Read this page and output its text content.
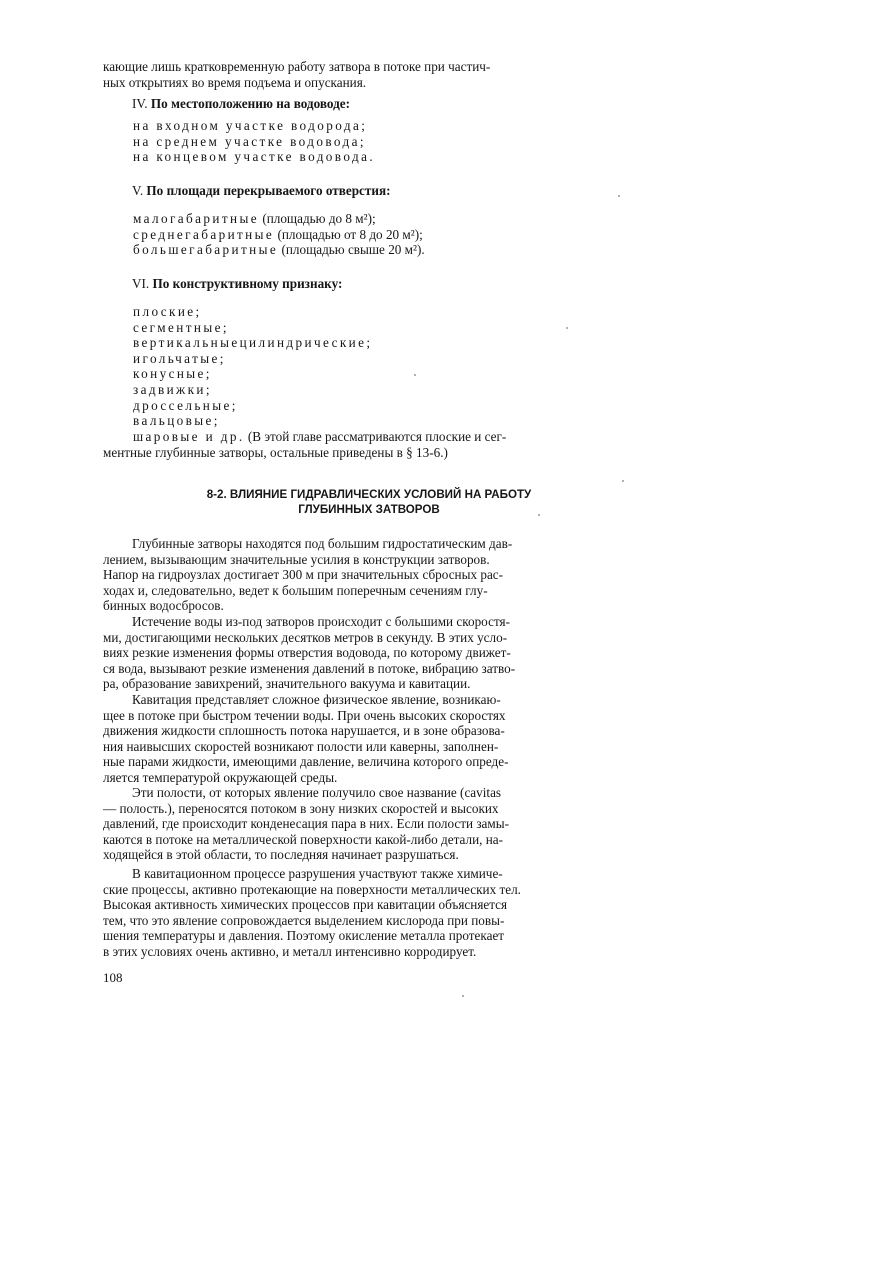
кающие лишь кратковременную работу затвора в потоке при частич-
ных открытиях во время подъема и опускания.
IV. По местоположению на водоводе:
на входном участке водорода;
на среднем участке водовода;
на концевом участке водовода.
V. По площади перекрываемого отверстия:
малогабаритные (площадью до 8 м²);
среднегабаритные (площадью от 8 до 20 м²);
большегабаритные (площадью свыше 20 м²).
VI. По конструктивному признаку:
плоские;
сегментные;
вертикальныецилиндрические;
игольчатые;
конусные;
задвижки;
дроссельные;
вальцовые;
шаровые и др. (В этой главе рассматриваются плоские и сег-
ментные глубинные затворы, остальные приведены в § 13-6.)
8-2. ВЛИЯНИЕ ГИДРАВЛИЧЕСКИХ УСЛОВИЙ НА РАБОТУ
ГЛУБИННЫХ ЗАТВОРОВ
Глубинные затворы находятся под большим гидростатическим дав-
лением, вызывающим значительные усилия в конструкции затворов.
Напор на гидроузлах достигает 300 м при значительных сбросных рас-
ходах и, следовательно, ведет к большим поперечным сечениям глу-
бинных водосбросов.
Истечение воды из-под затворов происходит с большими скоростя-
ми, достигающими нескольких десятков метров в секунду. В этих усло-
виях резкие изменения формы отверстия водовода, по которому движет-
ся вода, вызывают резкие изменения давлений в потоке, вибрацию затво-
ра, образование завихрений, значительного вакуума и кавитации.
Кавитация представляет сложное физическое явление, возникаю-
щее в потоке при быстром течении воды. При очень высоких скоростях
движения жидкости сплошность потока нарушается, и в зоне образова-
ния наивысших скоростей возникают полости или каверны, заполнен-
ные парами жидкости, имеющими давление, величина которого опреде-
ляется температурой окружающей среды.
Эти полости, от которых явление получило свое название (cavitas
— полость.), переносятся потоком в зону низких скоростей и высоких
давлений, где происходит конденесация пара в них. Если полости замы-
каются в потоке на металлической поверхности какой-либо детали, на-
ходящейся в этой области, то последняя начинает разрушаться.
В кавитационном процессе разрушения участвуют также химиче-
ские процессы, активно протекающие на поверхности металлических тел.
Высокая активность химических процессов при кавитации объясняется
тем, что это явление сопровождается выделением кислорода при повы-
шения температуры и давления. Поэтому окисление металла протекает
в этих условиях очень активно, и металл интенсивно корродирует.
108
